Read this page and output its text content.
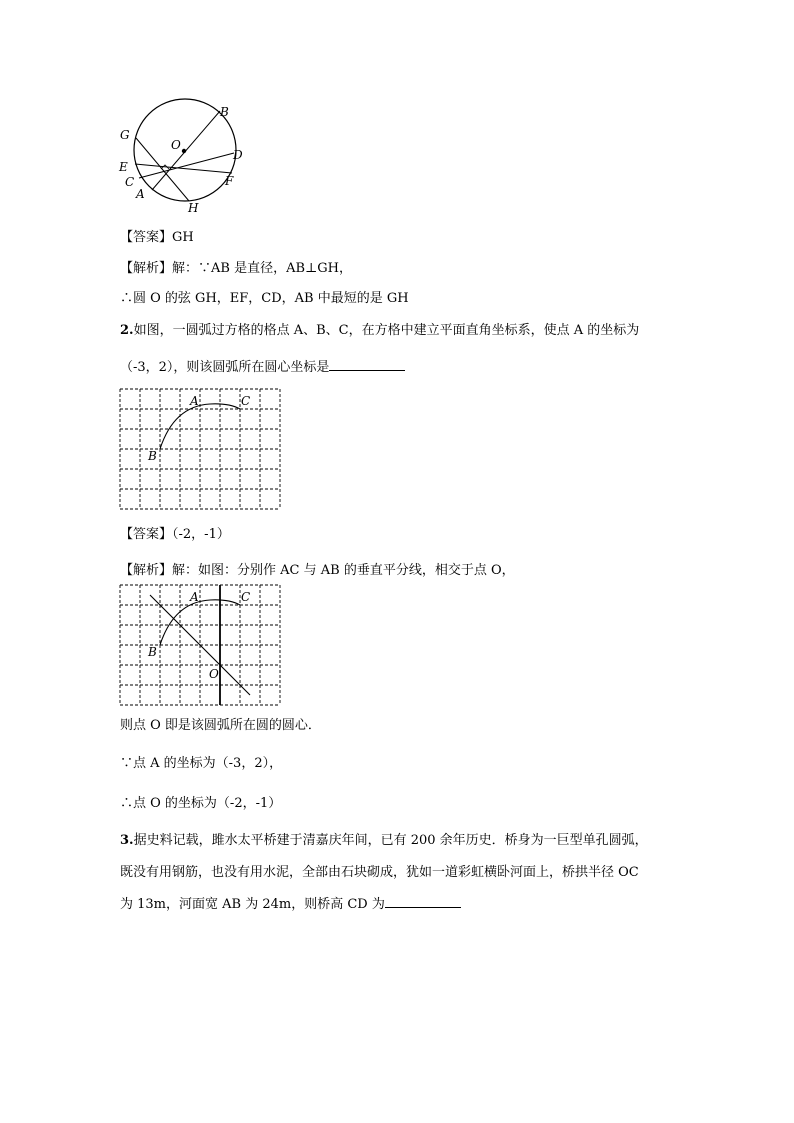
O
B
G
D
E
F
C
A
H
【答案】GH
【解析】解：∵AB 是直径，AB⊥GH，
∴圆 O 的弦 GH，EF，CD，AB 中最短的是 GH
2.如图，一圆弧过方格的格点 A、B、C，在方格中建立平面直角坐标系，使点 A 的坐标为
（-3，2），则该圆弧所在圆心坐标是
A	C
B
【答案】（-2，-1）
【解析】解：如图：分别作 AC 与 AB 的垂直平分线，相交于点 O，
A	C
B
O
则点 O 即是该圆弧所在圆的圆心．
∵点 A 的坐标为（-3，2），
∴点 O 的坐标为（-2，-1）
3.据史料记载，雎水太平桥建于清嘉庆年间，已有 200 余年历史．桥身为一巨型单孔圆弧，
既没有用钢筋，也没有用水泥，全部由石块砌成，犹如一道彩虹横卧河面上，桥拱半径 OC
为 13m，河面宽 AB 为 24m，则桥高 CD 为
